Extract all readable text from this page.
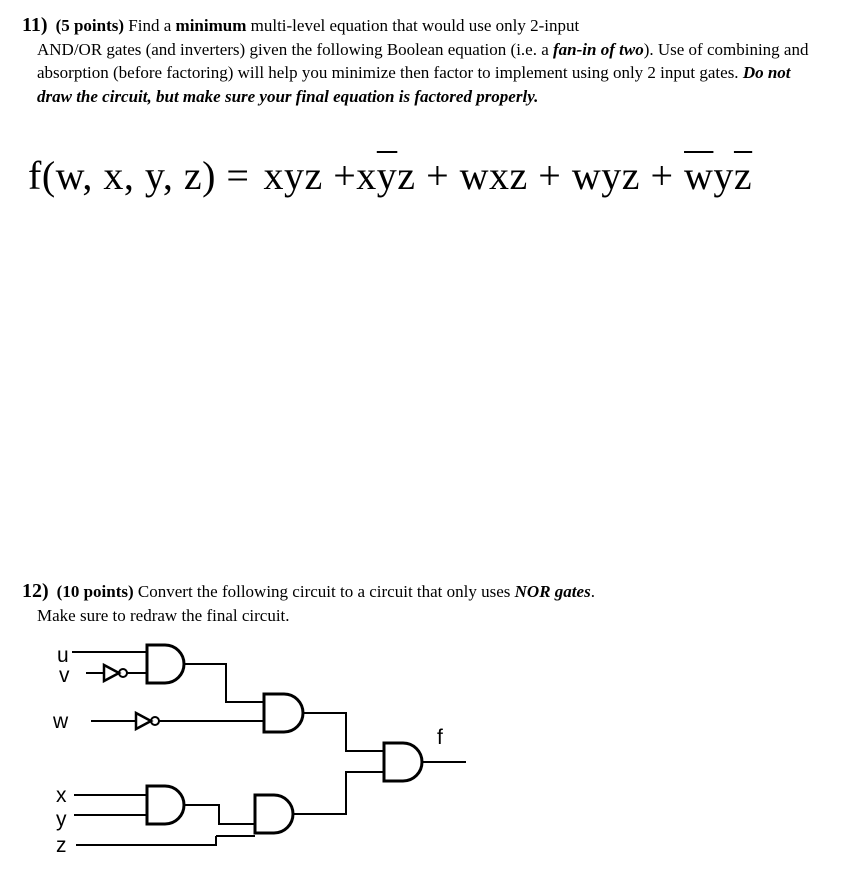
11) (5 points) Find a minimum multi-level equation that would use only 2-input
AND/OR gates (and inverters) given the following Boolean equation (i.e. a fan-in of two). Use of combining and absorption (before factoring) will help you minimize then factor to implement using only 2 input gates. Do not draw the circuit, but make sure your final equation is factored properly.
f(w, x, y, z) = xyz $+x\overline{y}z$ + wxz + wyz + $\overline{w}y\overline{z}$
12) (10 points) Convert the following circuit to a circuit that only uses NOR gates.
Make sure to redraw the final circuit.
u
v
w
x
y
z
f
